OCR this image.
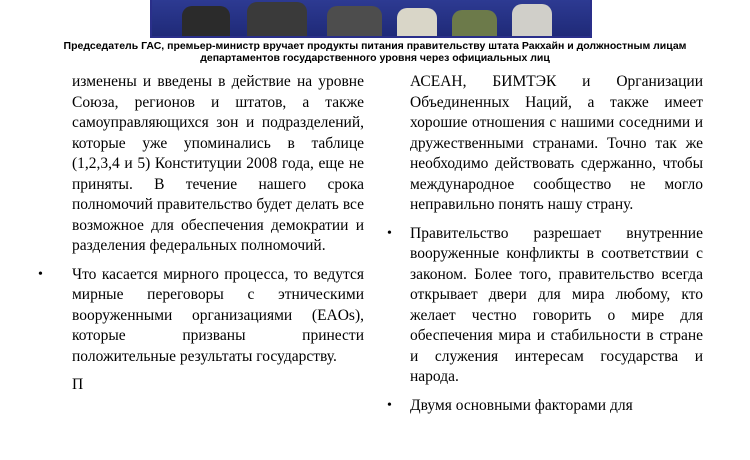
Председатель ГАС, премьер-министр вручает продукты питания правительству штата Ракхайн и должностным лицам департаментов государственного уровня через официальных лиц

изменены и введены в действие на уровне Союза, регионов и штатов, а также самоуправляющихся зон и подразделений, которые уже упоминались в таблице (1,2,3,4 и 5) Конституции 2008 года, еще не приняты. В течение нашего срока полномочий правительство будет делать все возможное для обеспечения демократии и разделения федеральных полномочий.

• Что касается мирного процесса, то ведутся мирные переговоры с этническими вооруженными организациями (EAOs), которые призваны принести положительные результаты государству.

П

АСЕАН, БИМТЭК и Организации Объединенных Наций, а также имеет хорошие отношения с нашими соседними и дружественными странами. Точно так же необходимо действовать сдержанно, чтобы международное сообщество не могло неправильно понять нашу страну.

• Правительство разрешает внутренние вооруженные конфликты в соответствии с законом. Более того, правительство всегда открывает двери для мира любому, кто желает честно говорить о мире для обеспечения мира и стабильности в стране и служения интересам государства и народа.

• Двумя основными факторами для
